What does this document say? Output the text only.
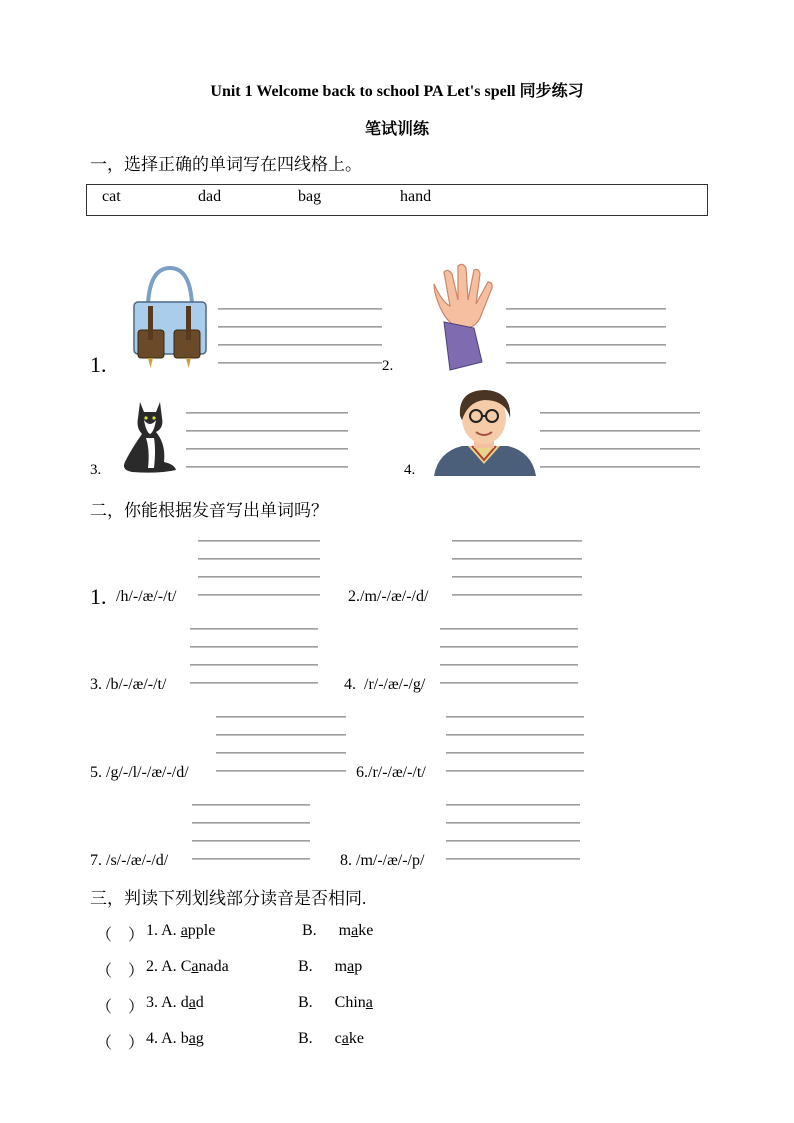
Unit 1 Welcome back to school PA Let's spell 同步练习
笔试训练
一，选择正确的单词写在四线格上。
cat	dad	bag	hand
1.	2.
3.	4.
二，你能根据发音写出单词吗？
1. /h/-/æ/-/t/	2./m/-/æ/-/d/
3. /b/-/æ/-/t/	4. /r/-/æ/-/g/
5. /g/-/l/-/æ/-/d/	6./r/-/æ/-/t/
7. /s/-/æ/-/d/	8. /m/-/æ/-/p/
三，判读下列划线部分读音是否相同.
（　） 1. A. apple	B. make
（　） 2. A. Canada	B. map
（　） 3. A. dad	B. China
（　） 4. A. bag	B. cake
